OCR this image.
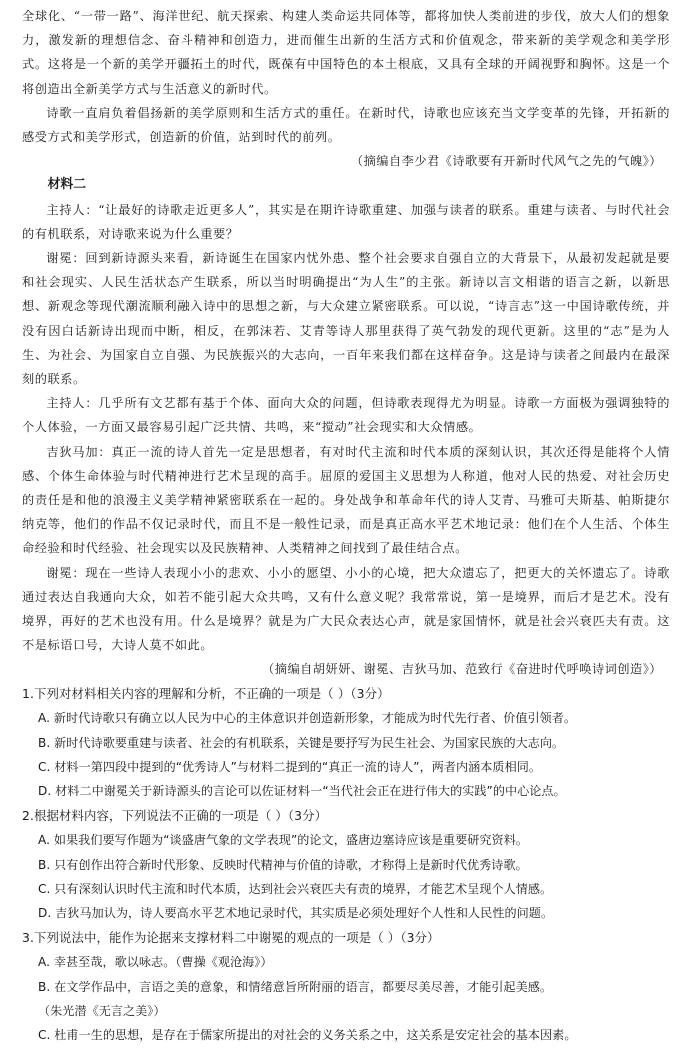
全球化、“一带一路”、海洋世纪、航天探索、构建人类命运共同体等，都将加快人类前进的步伐，放大人们的想象力，激发新的理想信念、奋斗精神和创造力，进而催生出新的生活方式和价值观念，带来新的美学观念和美学形式。这将是一个新的美学开疆拓土的时代，既葆有中国特色的本土根底，又具有全球的开阔视野和胸怀。这是一个将创造出全新美学方式与生活意义的新时代。

诗歌一直肩负着倡扬新的美学原则和生活方式的重任。在新时代，诗歌也应该充当文学变革的先锋，开拓新的感受方式和美学形式，创造新的价值，站到时代的前列。

（摘编自李少君《诗歌要有开新时代风气之先的气魄》）

材料二

主持人：“让最好的诗歌走近更多人”，其实是在期许诗歌重建、加强与读者的联系。重建与读者、与时代社会的有机联系，对诗歌来说为什么重要？

谢冕：回到新诗源头来看，新诗诞生在国家内忧外患、整个社会要求自强自立的大背景下，从最初发起就是要和社会现实、人民生活状态产生联系，所以当时明确提出“为人生”的主张。新诗以言文相谐的语言之新，以新思想、新观念等现代潮流顺利融入诗中的思想之新，与大众建立紧密联系。可以说，“诗言志”这一中国诗歌传统，并没有因白话新诗出现而中断，相反，在郭沫若、艾青等诗人那里获得了英气勃发的现代更新。这里的“志”是为人生、为社会、为国家自立自强、为民族振兴的大志向，一百年来我们都在这样奋争。这是诗与读者之间最内在最深刻的联系。

主持人：几乎所有文艺都有基于个体、面向大众的问题，但诗歌表现得尤为明显。诗歌一方面极为强调独特的个人体验，一方面又最容易引起广泛共情、共鸣，来“搅动”社会现实和大众情感。

吉狄马加：真正一流的诗人首先一定是思想者，有对时代主流和时代本质的深刻认识，其次还得是能将个人情感、个体生命体验与时代精神进行艺术呈现的高手。屈原的爱国主义思想为人称道，他对人民的热爱、对社会历史的责任是和他的浪漫主义美学精神紧密联系在一起的。身处战争和革命年代的诗人艾青、马雅可夫斯基、帕斯捷尔纳克等，他们的作品不仅记录时代，而且不是一般性记录，而是真正高水平艺术地记录：他们在个人生活、个体生命经验和时代经验、社会现实以及民族精神、人类精神之间找到了最佳结合点。

谢冕：现在一些诗人表现小小的悲欢、小小的愿望、小小的心境，把大众遗忘了，把更大的关怀遗忘了。诗歌通过表达自我通向大众，如若不能引起大众共鸣，又有什么意义呢？我常常说，第一是境界，而后才是艺术。没有境界，再好的艺术也没有用。什么是境界？就是为广大民众表达心声，就是家国情怀，就是社会兴衰匹夫有责。这不是标语口号，大诗人莫不如此。

（摘编自胡妍妍、谢冕、吉狄马加、范致行《奋进时代呼唤诗词创造》）

1.下列对材料相关内容的理解和分析，不正确的一项是（ ）（3分）

A. 新时代诗歌只有确立以人民为中心的主体意识并创造新形象，才能成为时代先行者、价值引领者。

B. 新时代诗歌要重建与读者、社会的有机联系，关键是要抒写为民生社会、为国家民族的大志向。

C. 材料一第四段中提到的“优秀诗人”与材料二提到的“真正一流的诗人”，两者内涵本质相同。

D. 材料二中谢冕关于新诗源头的言论可以佐证材料一“当代社会正在进行伟大的实践”的中心论点。

2.根据材料内容，下列说法不正确的一项是（ ）（3分）

A. 如果我们要写作题为“谈盛唐气象的文学表现”的论文，盛唐边塞诗应该是重要研究资料。

B. 只有创作出符合新时代形象、反映时代精神与价值的诗歌，才称得上是新时代优秀诗歌。

C. 只有深刻认识时代主流和时代本质，达到社会兴衰匹夫有责的境界，才能艺术呈现个人情感。

D. 吉狄马加认为，诗人要高水平艺术地记录时代，其实质是必须处理好个人性和人民性的问题。

3.下列说法中，能作为论据来支撑材料二中谢冕的观点的一项是（ ）（3分）

A. 幸甚至哉，歌以咏志。（曹操《观沧海》）

B. 在文学作品中，言语之美的意象，和情绪意旨所附丽的语言，都要尽美尽善，才能引起美感。

（朱光潜《无言之美》）

C. 杜甫一生的思想，是存在于儒家所提出的对社会的义务关系之中，这关系是安定社会的基本因素。
